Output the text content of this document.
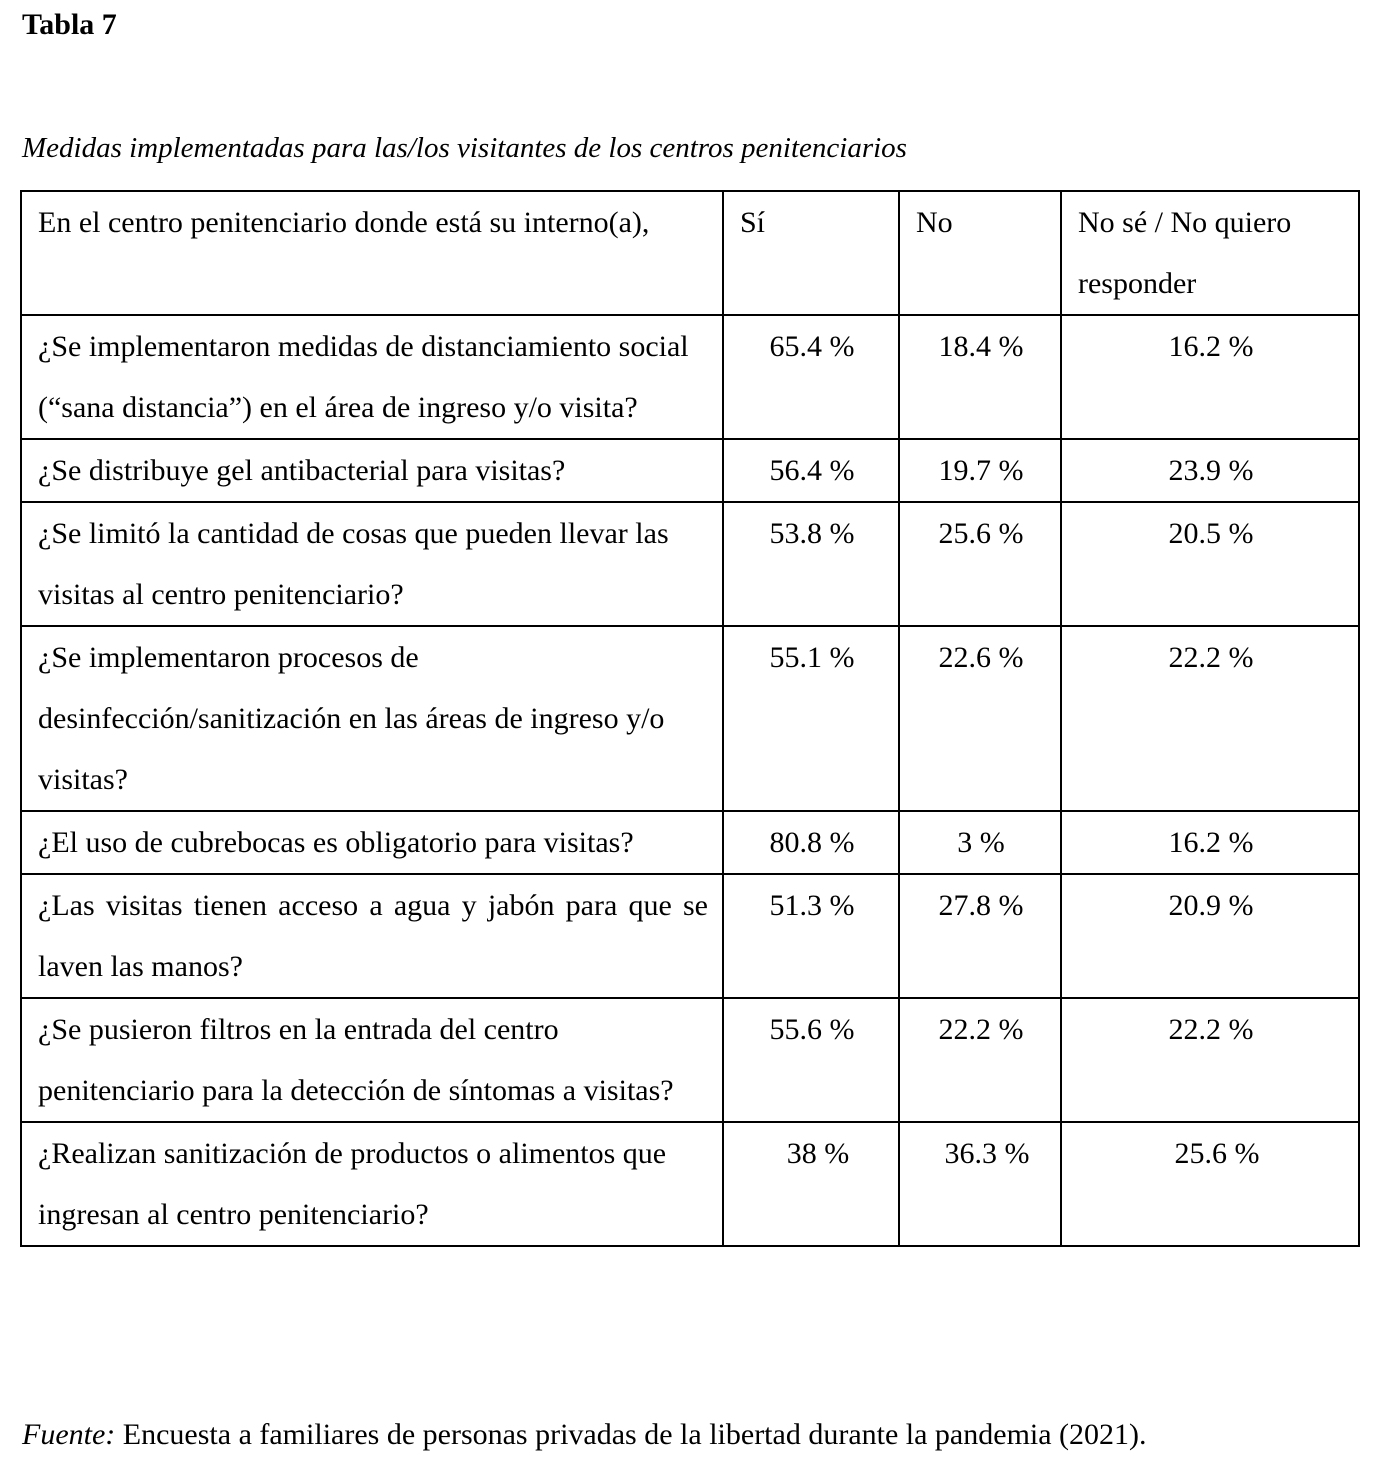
Tabla 7

Medidas implementadas para las/los visitantes de los centros penitenciarios

En el centro penitenciario donde está su interno(a),	Sí	No	No sé / No quiero responder
¿Se implementaron medidas de distanciamiento social (“sana distancia”) en el área de ingreso y/o visita?	65.4 %	18.4 %	16.2 %
¿Se distribuye gel antibacterial para visitas?	56.4 %	19.7 %	23.9 %
¿Se limitó la cantidad de cosas que pueden llevar las visitas al centro penitenciario?	53.8 %	25.6 %	20.5 %
¿Se implementaron procesos de desinfección/sanitización en las áreas de ingreso y/o visitas?	55.1 %	22.6 %	22.2 %
¿El uso de cubrebocas es obligatorio para visitas?	80.8 %	3 %	16.2 %
¿Las visitas tienen acceso a agua y jabón para que se laven las manos?	51.3 %	27.8 %	20.9 %
¿Se pusieron filtros en la entrada del centro penitenciario para la detección de síntomas a visitas?	55.6 %	22.2 %	22.2 %
¿Realizan sanitización de productos o alimentos que ingresan al centro penitenciario?	38 %	36.3 %	25.6 %

Fuente: Encuesta a familiares de personas privadas de la libertad durante la pandemia (2021).
